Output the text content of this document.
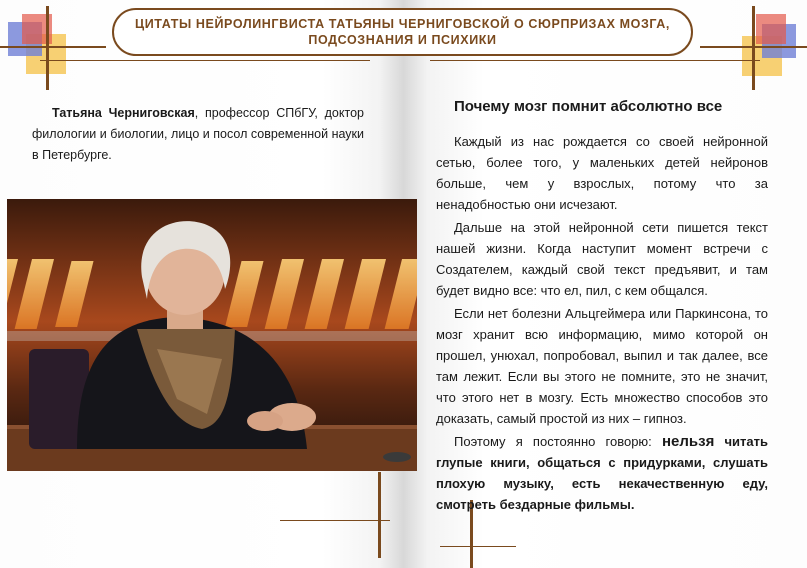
ЦИТАТЫ НЕЙРОЛИНГВИСТА ТАТЬЯНЫ ЧЕРНИГОВСКОЙ О СЮРПРИЗАХ МОЗГА, ПОДСОЗНАНИЯ И ПСИХИКИ
Татьяна Черниговская, профессор СПбГУ, доктор филологии и биологии, лицо и посол современной науки в Петербурге.
Почему мозг помнит абсолютно все

Каждый из нас рождается со своей нейронной сетью, более того, у маленьких детей нейронов больше, чем у взрослых, потому что за ненадобностью они исчезают.

Дальше на этой нейронной сети пишется текст нашей жизни. Когда наступит момент встречи с Создателем, каждый свой текст предъявит, и там будет видно все: что ел, пил, с кем общался.

Если нет болезни Альцгеймера или Паркинсона, то мозг хранит всю информацию, мимо которой он прошел, унюхал, попробовал, выпил и так далее, все там лежит. Если вы этого не помните, это не значит, что этого нет в мозгу. Есть множество способов это доказать, самый простой из них – гипноз.

Поэтому я постоянно говорю: нельзя читать глупые книги, общаться с придурками, слушать плохую музыку, есть некачественную еду, смотреть бездарные фильмы.
